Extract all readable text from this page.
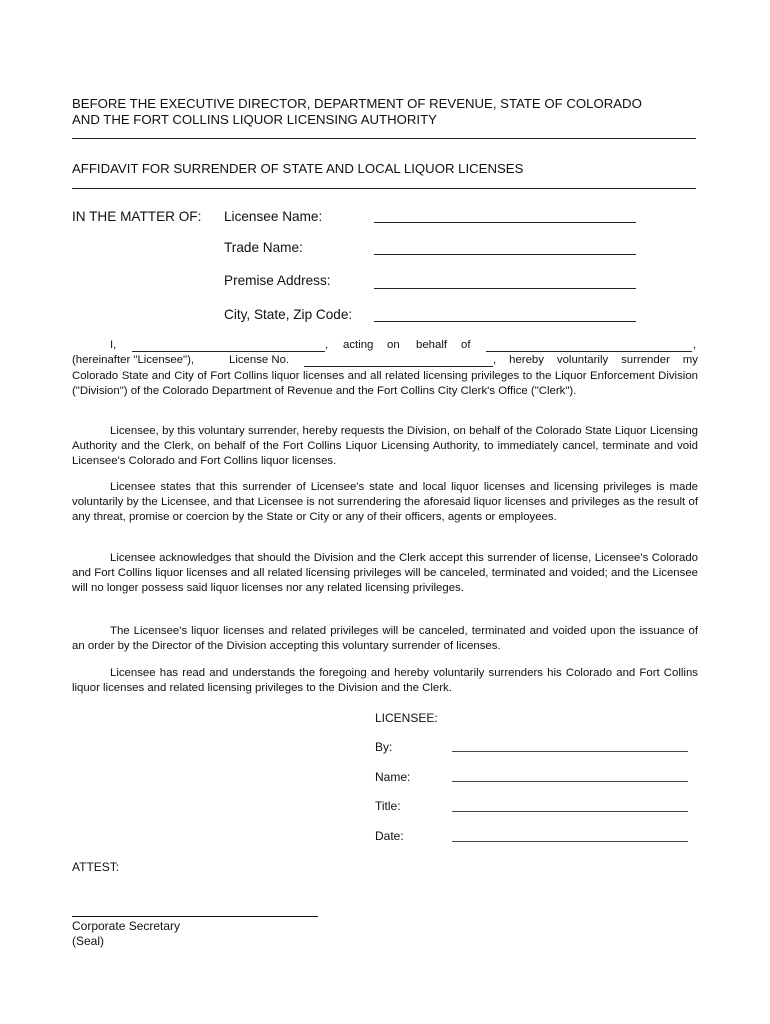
BEFORE THE EXECUTIVE DIRECTOR, DEPARTMENT OF REVENUE, STATE OF COLORADO
AND THE FORT COLLINS LIQUOR LICENSING AUTHORITY
AFFIDAVIT FOR SURRENDER OF STATE AND LOCAL LIQUOR LICENSES
IN THE MATTER OF: Licensee Name:
Trade Name:
Premise Address:
City, State, Zip Code:
I,	, acting on behalf of	,
(hereinafter "Licensee"),	License No.	, hereby voluntarily surrender my
Colorado State and City of Fort Collins liquor licenses and all related licensing privileges to the Liquor Enforcement Division ("Division") of the Colorado Department of Revenue and the Fort Collins City Clerk's Office ("Clerk").
Licensee, by this voluntary surrender, hereby requests the Division, on behalf of the Colorado State Liquor Licensing Authority and the Clerk, on behalf of the Fort Collins Liquor Licensing Authority, to immediately cancel, terminate and void Licensee's Colorado and Fort Collins liquor licenses.
Licensee states that this surrender of Licensee's state and local liquor licenses and licensing privileges is made voluntarily by the Licensee, and that Licensee is not surrendering the aforesaid liquor licenses and privileges as the result of any threat, promise or coercion by the State or City or any of their officers, agents or employees.
Licensee acknowledges that should the Division and the Clerk accept this surrender of license, Licensee's Colorado and Fort Collins liquor licenses and all related licensing privileges will be canceled, terminated and voided; and the Licensee will no longer possess said liquor licenses nor any related licensing privileges.
The Licensee's liquor licenses and related privileges will be canceled, terminated and voided upon the issuance of an order by the Director of the Division accepting this voluntary surrender of licenses.
Licensee has read and understands the foregoing and hereby voluntarily surrenders his Colorado and Fort Collins liquor licenses and related licensing privileges to the Division and the Clerk.
LICENSEE:
By:
Name:
Title:
Date:
ATTEST:
Corporate Secretary
(Seal)
